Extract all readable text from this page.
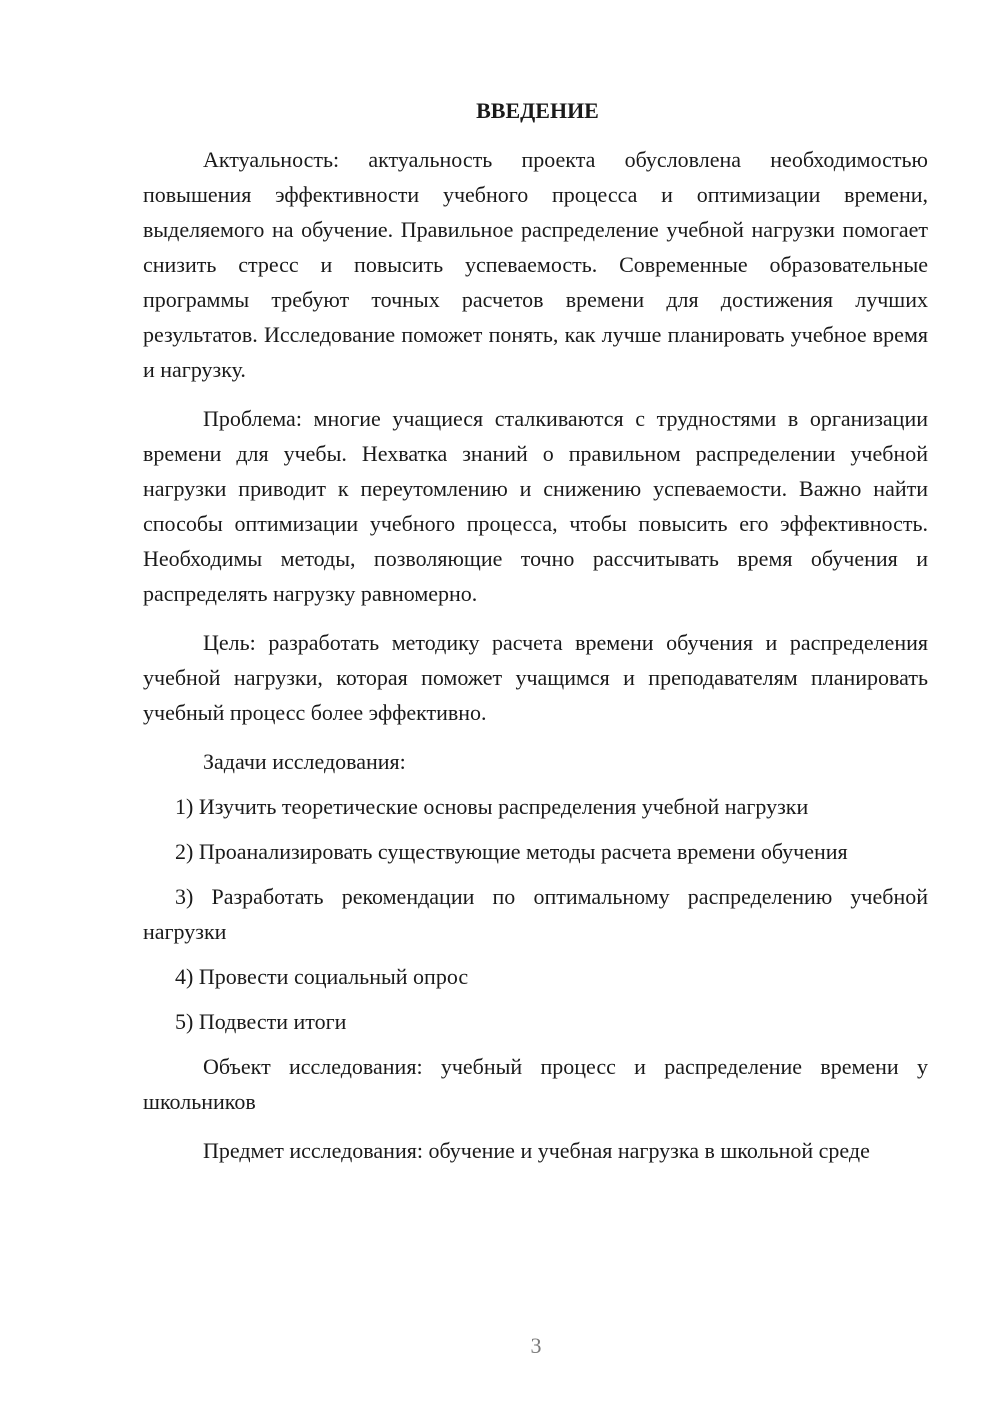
ВВЕДЕНИЕ

Актуальность: актуальность проекта обусловлена необходимостью повышения эффективности учебного процесса и оптимизации времени, выделяемого на обучение. Правильное распределение учебной нагрузки помогает снизить стресс и повысить успеваемость. Современные образовательные программы требуют точных расчетов времени для достижения лучших результатов. Исследование поможет понять, как лучше планировать учебное время и нагрузку.

Проблема: многие учащиеся сталкиваются с трудностями в организации времени для учебы. Нехватка знаний о правильном распределении учебной нагрузки приводит к переутомлению и снижению успеваемости. Важно найти способы оптимизации учебного процесса, чтобы повысить его эффективность. Необходимы методы, позволяющие точно рассчитывать время обучения и распределять нагрузку равномерно.

Цель: разработать методику расчета времени обучения и распределения учебной нагрузки, которая поможет учащимся и преподавателям планировать учебный процесс более эффективно.

Задачи исследования:

1) Изучить теоретические основы распределения учебной нагрузки

2) Проанализировать существующие методы расчета времени обучения

3) Разработать рекомендации по оптимальному распределению учебной нагрузки

4) Провести социальный опрос

5) Подвести итоги

Объект исследования: учебный процесс и распределение времени у школьников

Предмет исследования: обучение и учебная нагрузка в школьной среде

3
